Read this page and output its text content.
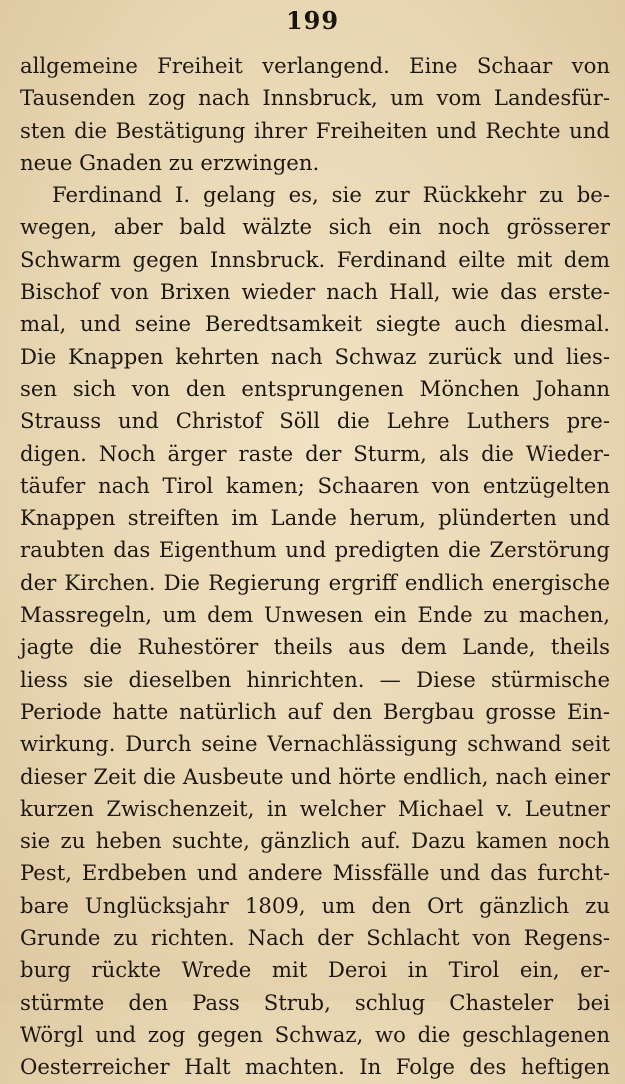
199
allgemeine Freiheit verlangend. Eine Schaar von
Tausenden zog nach Innsbruck, um vom Landesfür-
sten die Bestätigung ihrer Freiheiten und Rechte und
neue Gnaden zu erzwingen.
Ferdinand I. gelang es, sie zur Rückkehr zu be-
wegen, aber bald wälzte sich ein noch grösserer
Schwarm gegen Innsbruck. Ferdinand eilte mit dem
Bischof von Brixen wieder nach Hall, wie das erste-
mal, und seine Beredtsamkeit siegte auch diesmal.
Die Knappen kehrten nach Schwaz zurück und lies-
sen sich von den entsprungenen Mönchen Johann
Strauss und Christof Söll die Lehre Luthers pre-
digen. Noch ärger raste der Sturm, als die Wieder-
täufer nach Tirol kamen; Schaaren von entzügelten
Knappen streiften im Lande herum, plünderten und
raubten das Eigenthum und predigten die Zerstörung
der Kirchen. Die Regierung ergriff endlich energische
Massregeln, um dem Unwesen ein Ende zu machen,
jagte die Ruhestörer theils aus dem Lande, theils
liess sie dieselben hinrichten. — Diese stürmische
Periode hatte natürlich auf den Bergbau grosse Ein-
wirkung. Durch seine Vernachlässigung schwand seit
dieser Zeit die Ausbeute und hörte endlich, nach einer
kurzen Zwischenzeit, in welcher Michael v. Leutner
sie zu heben suchte, gänzlich auf. Dazu kamen noch
Pest, Erdbeben und andere Missfälle und das furcht-
bare Unglücksjahr 1809, um den Ort gänzlich zu
Grunde zu richten. Nach der Schlacht von Regens-
burg rückte Wrede mit Deroi in Tirol ein, er-
stürmte den Pass Strub, schlug Chasteler bei
Wörgl und zog gegen Schwaz, wo die geschlagenen
Oesterreicher Halt machten. In Folge des heftigen
